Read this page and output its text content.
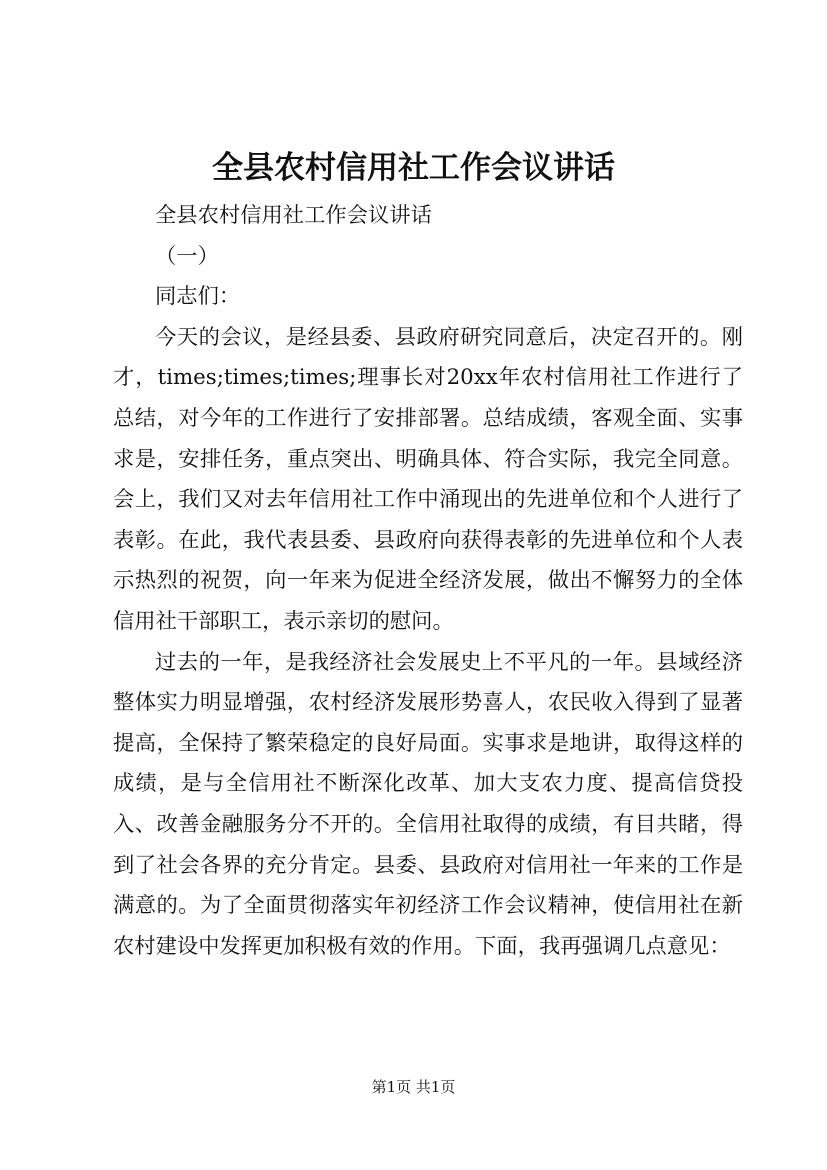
全县农村信用社工作会议讲话

全县农村信用社工作会议讲话

（一）

同志们：

今天的会议，是经县委、县政府研究同意后，决定召开的。刚才，times;times;times;理事长对20xx年农村信用社工作进行了总结，对今年的工作进行了安排部署。总结成绩，客观全面、实事求是，安排任务，重点突出、明确具体、符合实际，我完全同意。会上，我们又对去年信用社工作中涌现出的先进单位和个人进行了表彰。在此，我代表县委、县政府向获得表彰的先进单位和个人表示热烈的祝贺，向一年来为促进全经济发展，做出不懈努力的全体信用社干部职工，表示亲切的慰问。

过去的一年，是我经济社会发展史上不平凡的一年。县域经济整体实力明显增强，农村经济发展形势喜人，农民收入得到了显著提高，全保持了繁荣稳定的良好局面。实事求是地讲，取得这样的成绩，是与全信用社不断深化改革、加大支农力度、提高信贷投入、改善金融服务分不开的。全信用社取得的成绩，有目共睹，得到了社会各界的充分肯定。县委、县政府对信用社一年来的工作是满意的。为了全面贯彻落实年初经济工作会议精神，使信用社在新农村建设中发挥更加积极有效的作用。下面，我再强调几点意见：

第1页 共1页
